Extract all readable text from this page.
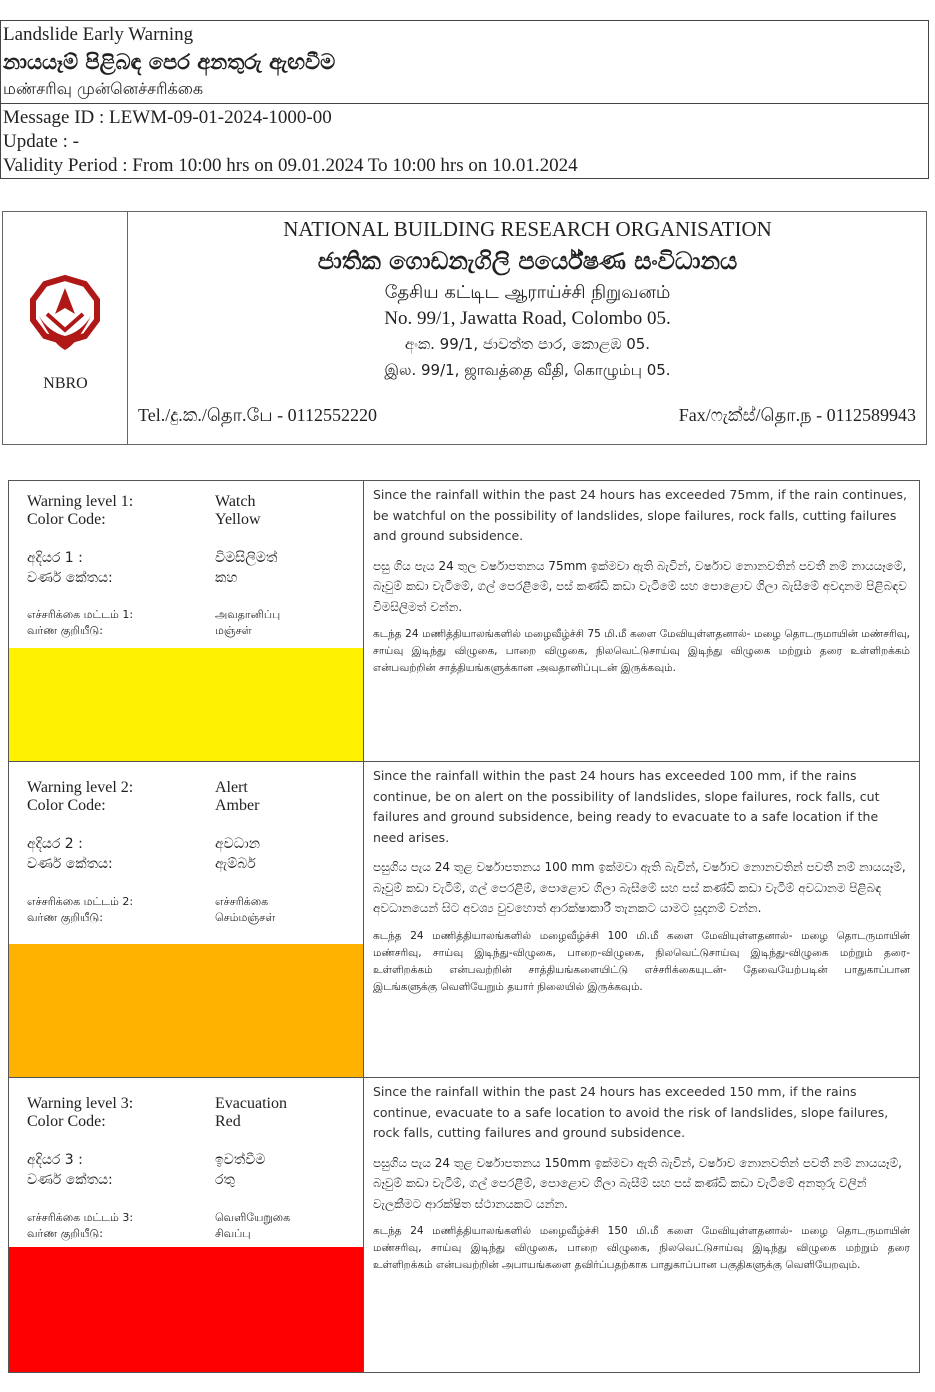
Landslide Early Warning
නායයෑම් පිළිබඳ පෙර අනතුරු ඇඟවීම
மண்சரிவு முன்னெச்சரிக்கை
Message ID : LEWM-09-01-2024-1000-00
Update : -
Validity Period : From 10:00 hrs on 09.01.2024 To 10:00 hrs on 10.01.2024
NBRO
NATIONAL BUILDING RESEARCH ORGANISATION
ජාතික ගොඩනැගිලි පර්යේෂණ සංවිධානය
தேசிய கட்டிட ஆராய்ச்சி நிறுவனம்
No. 99/1, Jawatta Road, Colombo 05.
අංක. 99/1, ජාවත්ත පාර, කොළඹ 05.
இல. 99/1, ஜாவத்தை வீதி, கொழும்பு 05.
Tel./දු.ක./தொ.பே - 0112552220	Fax/ෆැක්ස්/தொ.ந - 0112589943
Warning level 1:
Color Code:
Watch
Yellow
අදියර 1 :
වර්ණ කේතය:
විමසිලිමත්
කහ
எச்சரிக்கை மட்டம் 1:
வர்ண குறியீடு:
அவதானிப்பு
மஞ்சள்

Since the rainfall within the past 24 hours has exceeded 75mm, if the rain continues, be watchful on the possibility of landslides, slope failures, rock falls, cutting failures and ground subsidence.

පසු ගිය පැය 24 තුල වර්ෂාපතනය 75mm ඉක්මවා ඇති බැවින්, වර්ෂාව නොනවතින් පවතී නම් නායයෑමේ, බෑවුම් කඩා වැටීමේ, ගල් පෙරළීමේ, පස් කණ්ඩි කඩා වැටීමේ සහ පොළොව ගිලා බැසීමේ අවදානම පිළිබඳව විමසිලිමත් වන්න.

கடந்த 24 மணித்தியாலங்களில் மழைவீழ்ச்சி 75 மி.மீ களை மேவியுள்ளதனால்- மழை தொடருமாயின் மண்சரிவு, சாய்வு இடிந்து விழுகை, பாறை விழுகை, நிலவெட்டுசாய்வு இடிந்து விழுகை மற்றும் தரை உள்ளிறக்கம் என்பவற்றின் சாத்தியங்களுக்கான அவதானிப்புடன் இருக்கவும்.

Warning level 2:
Color Code:
Alert
Amber
අදියර 2 :
වර්ණ කේතය:
අවධාන
ඇම්බර්
எச்சரிக்கை மட்டம் 2:
வர்ண குறியீடு:
எச்சரிக்கை
செம்மஞ்சள்

Since the rainfall within the past 24 hours has exceeded 100 mm, if the rains continue, be on alert on the possibility of landslides, slope failures, rock falls, cut failures and ground subsidence, being ready to evacuate to a safe location if the need arises.

පසුගිය පැය 24 තුළ වර්ෂාපතනය 100 mm ඉක්මවා ඇති බැවින්, වර්ෂාව නොනවතින් පවතී නම් නායයෑම්, බෑවුම් කඩා වැටීම්, ගල් පෙරළීම්, පොළොව ගිලා බැසීමේ සහ පස් කණ්ඩි කඩා වැටීම් අවධානම පිළිබඳ අවධානයෙන් සිට අවශ්‍ය වුවහොත් ආරක්ෂාකාරී තැනකට යාමට සූදානම් වන්න.

கடந்த 24 மணித்தியாலங்களில் மழைவீழ்ச்சி 100 மி.மீ களை மேவியுள்ளதனால்- மழை தொடருமாயின் மண்சரிவு, சாய்வு இடிந்து-விழுகை, பாறை-விழுகை, நிலவெட்டுசாய்வு இடிந்து-விழுகை மற்றும் தரை-உள்ளிறக்கம் என்பவற்றின் சாத்தியங்களையிட்டு எச்சரிக்கையுடன்- தேவையேற்படின் பாதுகாப்பான இடங்களுக்கு வெளியேறும் தயார் நிலையில் இருக்கவும்.

Warning level 3:
Color Code:
Evacuation
Red
අදියර 3 :
වර්ණ කේතය:
ඉවත්වීම
රතු
எச்சரிக்கை மட்டம் 3:
வர்ண குறியீடு:
வெளியேறுகை
சிவப்பு

Since the rainfall within the past 24 hours has exceeded 150 mm, if the rains continue, evacuate to a safe location to avoid the risk of landslides, slope failures, rock falls, cutting failures and ground subsidence.

පසුගිය පැය 24 තුළ වර්ෂාපතනය 150mm ඉක්මවා ඇති බැවින්, වර්ෂාව නොනවතින් පවතී නම් නායයෑම්, බෑවුම් කඩා වැටීම්, ගල් පෙරළීම්, පොළොව ගිලා බැසීම් සහ පස් කණ්ඩි කඩා වැටීමේ අනතුරු වලින් වැලකීමට ආරක්ෂිත ස්ථානයකට යන්න.

கடந்த 24 மணித்தியாலங்களில் மழைவீழ்ச்சி 150 மி.மீ களை மேவியுள்ளதனால்- மழை தொடருமாயின் மண்சரிவு, சாய்வு இடிந்து விழுகை, பாறை விழுகை, நிலவெட்டுசாய்வு இடிந்து விழுகை மற்றும் தரை உள்ளிறக்கம் என்பவற்றின் அபாயங்களை தவிர்ப்பதற்காக பாதுகாப்பான பகுதிகளுக்கு வெளியேறவும்.
